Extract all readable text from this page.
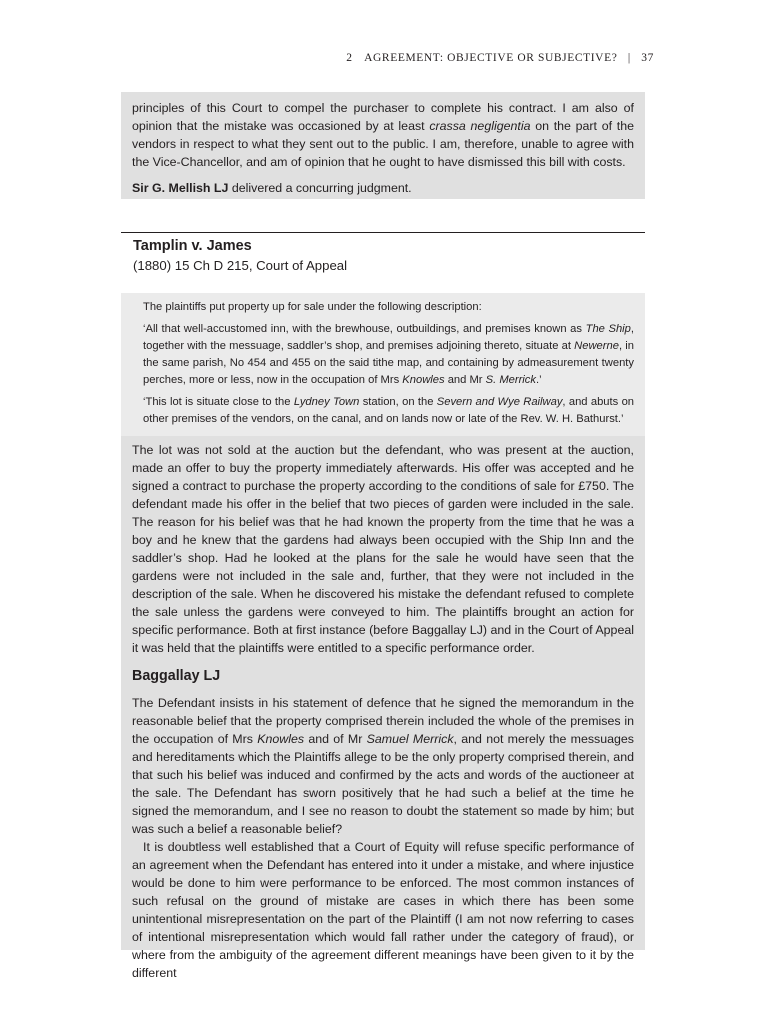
2 AGREEMENT: OBJECTIVE OR SUBJECTIVE? | 37

principles of this Court to compel the purchaser to complete his contract. I am also of opinion that the mistake was occasioned by at least crassa negligentia on the part of the vendors in respect to what they sent out to the public. I am, therefore, unable to agree with the Vice-Chancellor, and am of opinion that he ought to have dismissed this bill with costs.

Sir G. Mellish LJ delivered a concurring judgment.

Tamplin v. James
(1880) 15 Ch D 215, Court of Appeal

The plaintiffs put property up for sale under the following description:

‘All that well-accustomed inn, with the brewhouse, outbuildings, and premises known as The Ship, together with the messuage, saddler’s shop, and premises adjoining thereto, situate at Newerne, in the same parish, No 454 and 455 on the said tithe map, and containing by admeasurement twenty perches, more or less, now in the occupation of Mrs Knowles and Mr S. Merrick.’

‘This lot is situate close to the Lydney Town station, on the Severn and Wye Railway, and abuts on other premises of the vendors, on the canal, and on lands now or late of the Rev. W. H. Bathurst.’

The lot was not sold at the auction but the defendant, who was present at the auction, made an offer to buy the property immediately afterwards. His offer was accepted and he signed a contract to purchase the property according to the conditions of sale for £750. The defendant made his offer in the belief that two pieces of garden were included in the sale. The reason for his belief was that he had known the property from the time that he was a boy and he knew that the gardens had always been occupied with the Ship Inn and the saddler’s shop. Had he looked at the plans for the sale he would have seen that the gardens were not included in the sale and, further, that they were not included in the description of the sale. When he discovered his mistake the defendant refused to complete the sale unless the gardens were conveyed to him. The plaintiffs brought an action for specific performance. Both at first instance (before Baggallay LJ) and in the Court of Appeal it was held that the plaintiffs were entitled to a specific performance order.

Baggallay LJ

The Defendant insists in his statement of defence that he signed the memorandum in the reasonable belief that the property comprised therein included the whole of the premises in the occupation of Mrs Knowles and of Mr Samuel Merrick, and not merely the messuages and hereditaments which the Plaintiffs allege to be the only property comprised therein, and that such his belief was induced and confirmed by the acts and words of the auctioneer at the sale. The Defendant has sworn positively that he had such a belief at the time he signed the memorandum, and I see no reason to doubt the statement so made by him; but was such a belief a reasonable belief?

It is doubtless well established that a Court of Equity will refuse specific performance of an agreement when the Defendant has entered into it under a mistake, and where injustice would be done to him were performance to be enforced. The most common instances of such refusal on the ground of mistake are cases in which there has been some unintentional misrepresentation on the part of the Plaintiff (I am not now referring to cases of intentional misrepresentation which would fall rather under the category of fraud), or where from the ambiguity of the agreement different meanings have been given to it by the different
